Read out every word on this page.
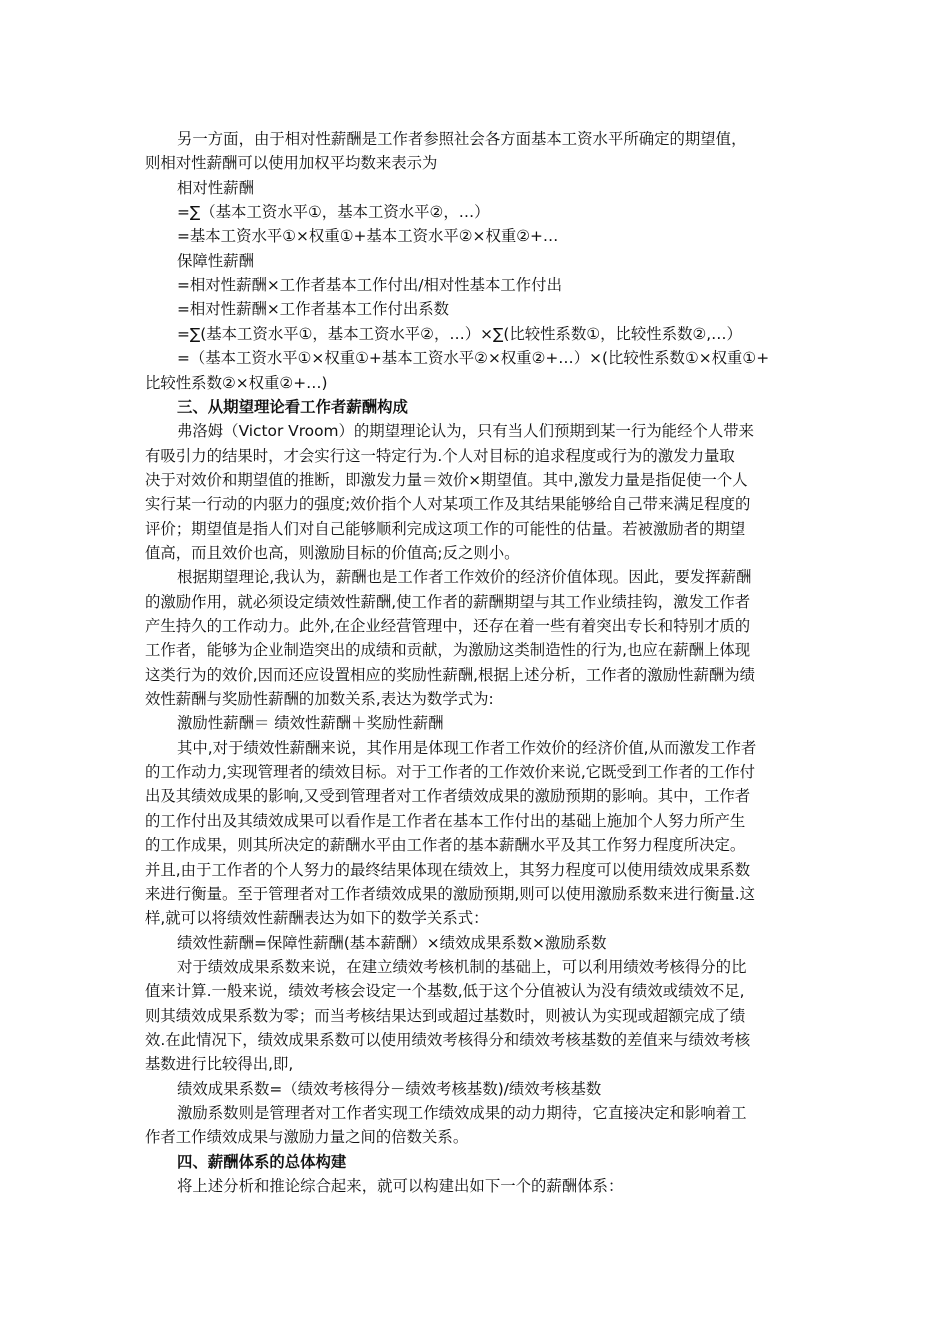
另一方面，由于相对性薪酬是工作者参照社会各方面基本工资水平所确定的期望值，
则相对性薪酬可以使用加权平均数来表示为
相对性薪酬
=∑（基本工资水平①，基本工资水平②，…）
=基本工资水平①×权重①+基本工资水平②×权重②+…
保障性薪酬
=相对性薪酬×工作者基本工作付出/相对性基本工作付出
=相对性薪酬×工作者基本工作付出系数
=∑(基本工资水平①，基本工资水平②，…）×∑(比较性系数①，比较性系数②,…）
=（基本工资水平①×权重①+基本工资水平②×权重②+…）×(比较性系数①×权重①+
比较性系数②×权重②+…)
三、从期望理论看工作者薪酬构成
弗洛姆（Victor Vroom）的期望理论认为，只有当人们预期到某一行为能经个人带来
有吸引力的结果时，才会实行这一特定行为.个人对目标的追求程度或行为的激发力量取
决于对效价和期望值的推断，即激发力量＝效价×期望值。其中,激发力量是指促使一个人
实行某一行动的内驱力的强度;效价指个人对某项工作及其结果能够给自己带来满足程度的
评价；期望值是指人们对自己能够顺利完成这项工作的可能性的估量。若被激励者的期望
值高，而且效价也高，则激励目标的价值高;反之则小。
根据期望理论,我认为，薪酬也是工作者工作效价的经济价值体现。因此，要发挥薪酬
的激励作用，就必须设定绩效性薪酬,使工作者的薪酬期望与其工作业绩挂钩，激发工作者
产生持久的工作动力。此外,在企业经营管理中，还存在着一些有着突出专长和特别才质的
工作者，能够为企业制造突出的成绩和贡献，为激励这类制造性的行为,也应在薪酬上体现
这类行为的效价,因而还应设置相应的奖励性薪酬,根据上述分析，工作者的激励性薪酬为绩
效性薪酬与奖励性薪酬的加数关系,表达为数学式为:
激励性薪酬＝ 绩效性薪酬＋奖励性薪酬
其中,对于绩效性薪酬来说，其作用是体现工作者工作效价的经济价值,从而激发工作者
的工作动力,实现管理者的绩效目标。对于工作者的工作效价来说,它既受到工作者的工作付
出及其绩效成果的影响,又受到管理者对工作者绩效成果的激励预期的影响。其中，工作者
的工作付出及其绩效成果可以看作是工作者在基本工作付出的基础上施加个人努力所产生
的工作成果，则其所决定的薪酬水平由工作者的基本薪酬水平及其工作努力程度所决定。
并且,由于工作者的个人努力的最终结果体现在绩效上，其努力程度可以使用绩效成果系数
来进行衡量。至于管理者对工作者绩效成果的激励预期,则可以使用激励系数来进行衡量.这
样,就可以将绩效性薪酬表达为如下的数学关系式：
绩效性薪酬=保障性薪酬(基本薪酬）×绩效成果系数×激励系数
对于绩效成果系数来说，在建立绩效考核机制的基础上，可以利用绩效考核得分的比
值来计算.一般来说，绩效考核会设定一个基数,低于这个分值被认为没有绩效或绩效不足,
则其绩效成果系数为零；而当考核结果达到或超过基数时，则被认为实现或超额完成了绩
效.在此情况下，绩效成果系数可以使用绩效考核得分和绩效考核基数的差值来与绩效考核
基数进行比较得出,即,
绩效成果系数=（绩效考核得分－绩效考核基数)/绩效考核基数
激励系数则是管理者对工作者实现工作绩效成果的动力期待，它直接决定和影响着工
作者工作绩效成果与激励力量之间的倍数关系。
四、薪酬体系的总体构建
将上述分析和推论综合起来，就可以构建出如下一个的薪酬体系：
